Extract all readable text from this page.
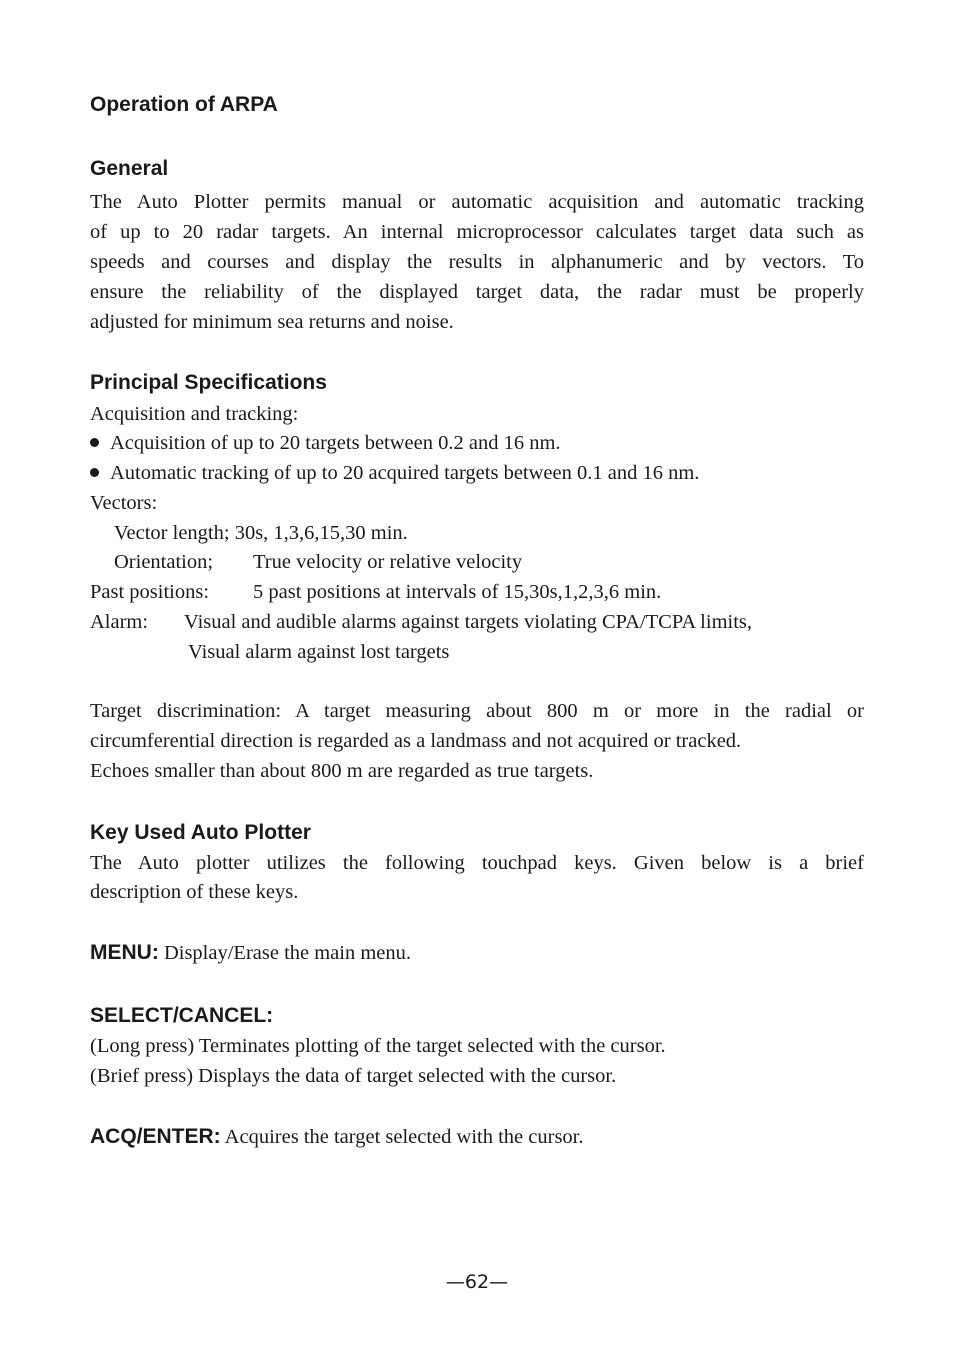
Operation of ARPA
General

The Auto Plotter permits manual or automatic acquisition and automatic tracking

of up to 20 radar targets. An internal microprocessor calculates target data such as

speeds and courses and display the results in alphanumeric and by vectors. To

ensure the reliability of the displayed target data, the radar must be properly

adjusted for minimum sea returns and noise.

Principal Specifications

Acquisition and tracking:

Acquisition of up to 20 targets between 0.2 and 16 nm.
Automatic tracking of up to 20 acquired targets between 0.1 and 16 nm.

Vectors:

Vector length; 30s, 1,3,6,15,30 min.

Orientation; True velocity or relative velocity

Past positions: 5 past positions at intervals of 15,30s,1,2,3,6 min.

Alarm: Visual and audible alarms against targets violating CPA/TCPA limits,

Visual alarm against lost targets

Target discrimination: A target measuring about 800 m or more in the radial or

circumferential direction is regarded as a landmass and not acquired or tracked.

Echoes smaller than about 800 m are regarded as true targets.

Key Used Auto Plotter

The Auto plotter utilizes the following touchpad keys. Given below is a brief

description of these keys.

MENU: Display/Erase the main menu.

SELECT/CANCEL:

(Long press) Terminates plotting of the target selected with the cursor.

(Brief press) Displays the data of target selected with the cursor.

ACQ/ENTER: Acquires the target selected with the cursor.

—62—
